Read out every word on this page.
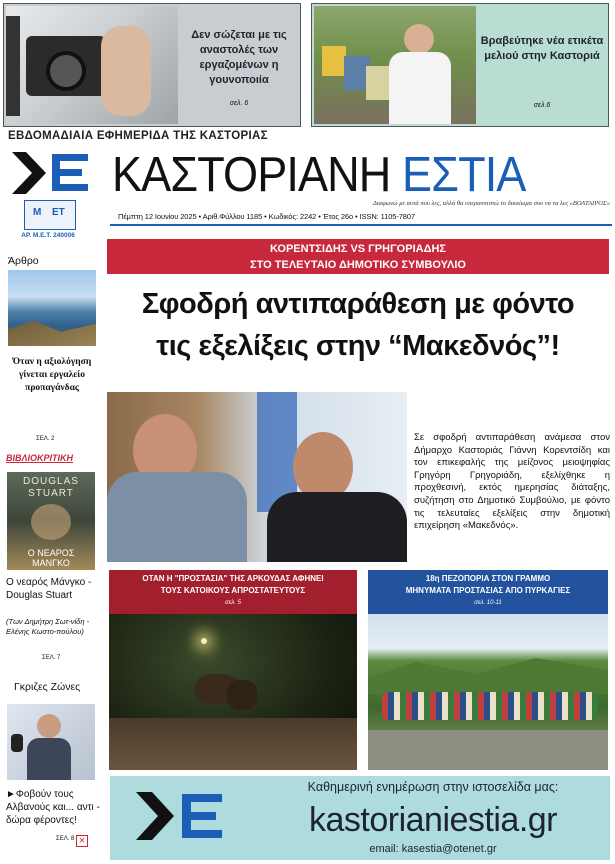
Δεν σώζεται με τις αναστολές των εργαζομένων η γουνοποιία
σελ. 6
Βραβεύτηκε νέα ετικέτα μελιού στην Καστοριά
σελ.6
ΕΒΔΟΜΑΔΙΑΙΑ ΕΦΗΜΕΡΙΔΑ ΤΗΣ ΚΑΣΤΟΡΙΑΣ
ΚΑΣΤΟΡΙΑΝΗ ΕΣΤΙΑ
Διαφωνώ με αυτά που λες, αλλά θα υπερασπιστώ το δικαίωμα σου να τα λες «ΒΟΛΤΑΙΡΟΣ»
Μ ΕΤ
ΑΡ. Μ.Ε.Τ. 240006
Πέμπτη 12 Ιουνίου 2025 • Αριθ.Φύλλου 1185 • Κωδικός: 2242 • Έτος 26ο • ISSN: 1105-7807
Άρθρο
Όταν η αξιολόγηση γίνεται εργαλείο προπαγάνδας
ΣΕΛ. 2
ΒΙΒΛΙΟΚΡΙΤΙΚΗ
DOUGLAS STUART
Ο ΝΕΑΡΟΣ ΜΑΝΓΚΟ
Ο νεαρός Μάνγκο - Douglas Stuart
(Των Δημήτρη Σωτ-νίδη - Ελένης Κωστο-πούλου)
ΣΕΛ. 7
Γκριζες Ζώνες
►Φοβούν τους Αλβανούς και... αντι - δώρα φέροντες!
ΣΕΛ. 8 ✕
ΚΟΡΕΝΤΣΙΔΗΣ VS ΓΡΗΓΟΡΙΑΔΗΣ
ΣΤΟ ΤΕΛΕΥΤΑΙΟ ΔΗΜΟΤΙΚΟ ΣΥΜΒΟΥΛΙΟ
Σφοδρή αντιπαράθεση με φόντο
τις εξελίξεις στην “Μακεδνός”!
Σε σφοδρή αντιπαράθεση ανάμεσα στον Δήμαρχο Καστοριάς Γιάννη Κορεντσίδη και τον επικεφαλής της μείζονος μειοψηφίας Γρηγόρη Γρηγοριάδη, εξελίχθηκε η προχθεσινή, εκτός ημερησίας διάταξης, συζήτηση στο Δημοτικό Συμβούλιο, με φόντο τις τελευταίες εξελίξεις στην δημοτική επιχείρηση «Μακεδνός».
ΟΤΑΝ Η "ΠΡΟΣΤΑΣΙΑ" ΤΗΣ ΑΡΚΟΥΔΑΣ ΑΦΗΝΕΙ
ΤΟΥΣ ΚΑΤΟΙΚΟΥΣ ΑΠΡΟΣΤΑΤΕΥΤΟΥΣ
σελ. 5
18η ΠΕΖΟΠΟΡΙΑ ΣΤΟΝ ΓΡΑΜΜΟ
ΜΗΝΥΜΑΤΑ ΠΡΟΣΤΑΣΙΑΣ ΑΠΟ ΠΥΡΚΑΓΙΕΣ
σελ. 10-11
Καθημερινή ενημέρωση στην ιστοσελίδα μας:
kastorianiestia.gr
email: kasestia@otenet.gr
